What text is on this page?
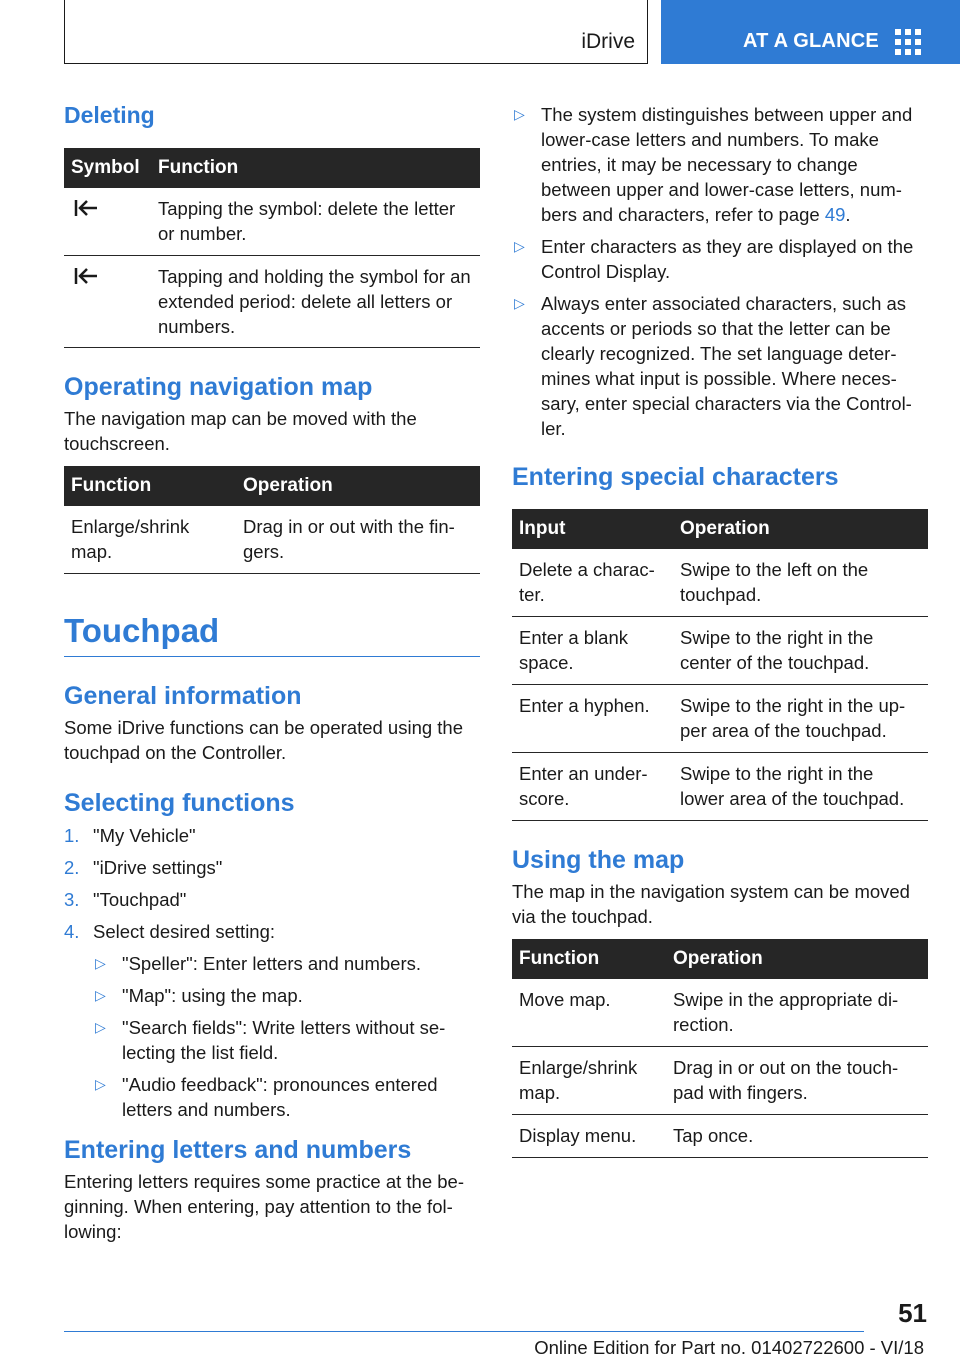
iDrive	AT A GLANCE
Deleting
Symbol	Function
	Tapping the symbol: delete the letter or number.
	Tapping and holding the symbol for an extended period: delete all letters or numbers.
Operating navigation map

The navigation map can be moved with the touchscreen.

Function	Operation
Enlarge/shrink map.	Drag in or out with the fin-gers.
Touchpad
General information

Some iDrive functions can be operated using the touchpad on the Controller.

Selecting functions
1. "My Vehicle"
2. "iDrive settings"
3. "Touchpad"
4. Select desired setting:
▷ "Speller": Enter letters and numbers.
▷ "Map": using the map.
▷ "Search fields": Write letters without se-lecting the list field.
▷ "Audio feedback": pronounces entered letters and numbers.
Entering letters and numbers

Entering letters requires some practice at the be-ginning. When entering, pay attention to the fol-lowing:

▷ The system distinguishes between upper and lower-case letters and numbers. To make entries, it may be necessary to change between upper and lower-case letters, num-bers and characters, refer to page 49.
▷ Enter characters as they are displayed on the Control Display.
▷ Always enter associated characters, such as accents or periods so that the letter can be clearly recognized. The set language deter-mines what input is possible. Where neces-sary, enter special characters via the Control-ler.
Entering special characters
Input	Operation
Delete a charac-ter.	Swipe to the left on the touchpad.
Enter a blank space.	Swipe to the right in the center of the touchpad.
Enter a hyphen.	Swipe to the right in the up-per area of the touchpad.
Enter an under-score.	Swipe to the right in the lower area of the touchpad.
Using the map

The map in the navigation system can be moved via the touchpad.

Function	Operation
Move map.	Swipe in the appropriate di-rection.
Enlarge/shrink map.	Drag in or out on the touch-pad with fingers.
Display menu.	Tap once.
51
Online Edition for Part no. 01402722600 - VI/18
